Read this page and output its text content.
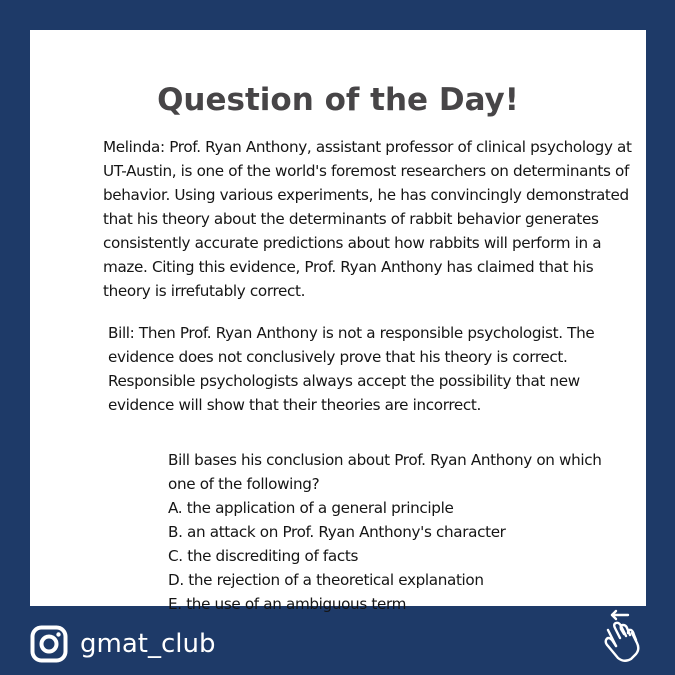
Question of the Day!

Melinda: Prof. Ryan Anthony, assistant professor of clinical psychology at UT-Austin, is one of the world's foremost researchers on determinants of behavior. Using various experiments, he has convincingly demonstrated that his theory about the determinants of rabbit behavior generates consistently accurate predictions about how rabbits will perform in a maze. Citing this evidence, Prof. Ryan Anthony has claimed that his theory is irrefutably correct.

Bill: Then Prof. Ryan Anthony is not a responsible psychologist. The evidence does not conclusively prove that his theory is correct. Responsible psychologists always accept the possibility that new evidence will show that their theories are incorrect.

Bill bases his conclusion about Prof. Ryan Anthony on which one of the following?
A. the application of a general principle
B. an attack on Prof. Ryan Anthony's character
C. the discrediting of facts
D. the rejection of a theoretical explanation
E. the use of an ambiguous term
gmat_club
